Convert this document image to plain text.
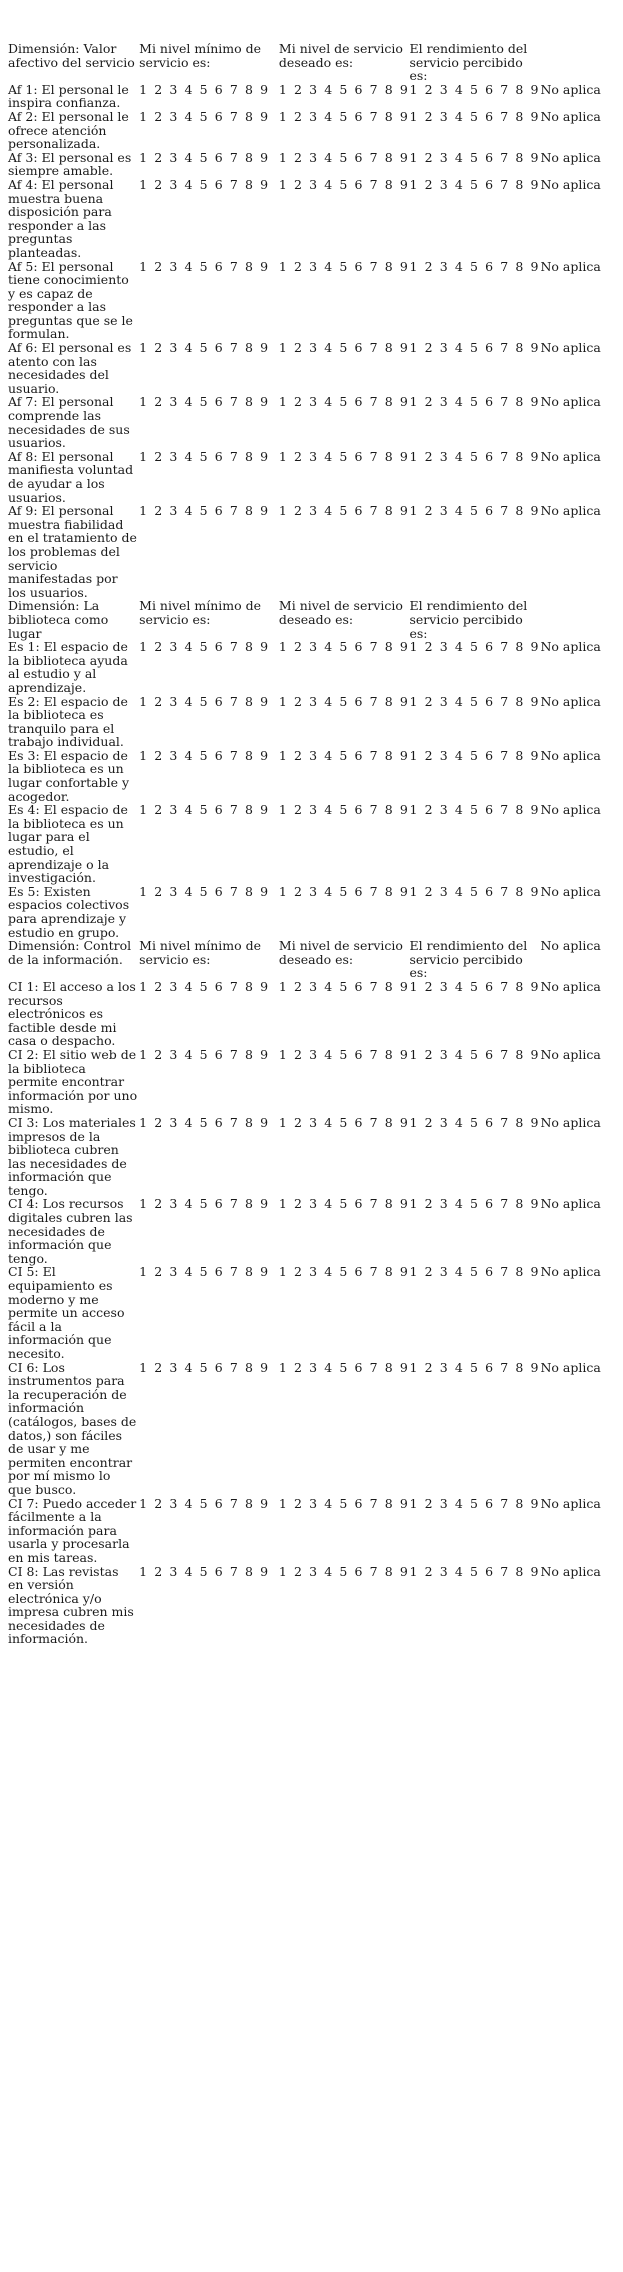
Dimensión: Valor afectivo del servicio	Mi nivel mínimo de servicio es:	Mi nivel de servicio deseado es:	El rendimiento del servicio percibido es:	
Af 1: El personal le inspira confianza.	1 2 3 4 5 6 7 8 9	1 2 3 4 5 6 7 8 9	1 2 3 4 5 6 7 8 9	No aplica
Af 2: El personal le ofrece atención personalizada.	1 2 3 4 5 6 7 8 9	1 2 3 4 5 6 7 8 9	1 2 3 4 5 6 7 8 9	No aplica
Af 3: El personal es siempre amable.	1 2 3 4 5 6 7 8 9	1 2 3 4 5 6 7 8 9	1 2 3 4 5 6 7 8 9	No aplica
Af 4: El personal muestra buena disposición para responder a las preguntas planteadas.	1 2 3 4 5 6 7 8 9	1 2 3 4 5 6 7 8 9	1 2 3 4 5 6 7 8 9	No aplica
Af 5: El personal tiene conocimiento y es capaz de responder a las preguntas que se le formulan.	1 2 3 4 5 6 7 8 9	1 2 3 4 5 6 7 8 9	1 2 3 4 5 6 7 8 9	No aplica
Af 6: El personal es atento con las necesidades del usuario.	1 2 3 4 5 6 7 8 9	1 2 3 4 5 6 7 8 9	1 2 3 4 5 6 7 8 9	No aplica
Af 7: El personal comprende las necesidades de sus usuarios.	1 2 3 4 5 6 7 8 9	1 2 3 4 5 6 7 8 9	1 2 3 4 5 6 7 8 9	No aplica
Af 8: El personal manifiesta voluntad de ayudar a los usuarios.	1 2 3 4 5 6 7 8 9	1 2 3 4 5 6 7 8 9	1 2 3 4 5 6 7 8 9	No aplica
Af 9: El personal muestra fiabilidad en el tratamiento de los problemas del servicio manifestadas por los usuarios.	1 2 3 4 5 6 7 8 9	1 2 3 4 5 6 7 8 9	1 2 3 4 5 6 7 8 9	No aplica
Dimensión: La biblioteca como lugar	Mi nivel mínimo de servicio es:	Mi nivel de servicio deseado es:	El rendimiento del servicio percibido es:	
Es 1: El espacio de la biblioteca ayuda al estudio y al aprendizaje.	1 2 3 4 5 6 7 8 9	1 2 3 4 5 6 7 8 9	1 2 3 4 5 6 7 8 9	No aplica
Es 2: El espacio de la biblioteca es tranquilo para el trabajo individual.	1 2 3 4 5 6 7 8 9	1 2 3 4 5 6 7 8 9	1 2 3 4 5 6 7 8 9	No aplica
Es 3: El espacio de la biblioteca es un lugar confortable y acogedor.	1 2 3 4 5 6 7 8 9	1 2 3 4 5 6 7 8 9	1 2 3 4 5 6 7 8 9	No aplica
Es 4: El espacio de la biblioteca es un lugar para el estudio, el aprendizaje o la investigación.	1 2 3 4 5 6 7 8 9	1 2 3 4 5 6 7 8 9	1 2 3 4 5 6 7 8 9	No aplica
Es 5: Existen espacios colectivos para aprendizaje y estudio en grupo.	1 2 3 4 5 6 7 8 9	1 2 3 4 5 6 7 8 9	1 2 3 4 5 6 7 8 9	No aplica
Dimensión: Control de la información.	Mi nivel mínimo de servicio es:	Mi nivel de servicio deseado es:	El rendimiento del servicio percibido es:	No aplica
CI 1: El acceso a los recursos electrónicos es factible desde mi casa o despacho.	1 2 3 4 5 6 7 8 9	1 2 3 4 5 6 7 8 9	1 2 3 4 5 6 7 8 9	No aplica
CI 2: El sitio web de la biblioteca permite encontrar información por uno mismo.	1 2 3 4 5 6 7 8 9	1 2 3 4 5 6 7 8 9	1 2 3 4 5 6 7 8 9	No aplica
CI 3: Los materiales impresos de la biblioteca cubren las necesidades de información que tengo.	1 2 3 4 5 6 7 8 9	1 2 3 4 5 6 7 8 9	1 2 3 4 5 6 7 8 9	No aplica
CI 4: Los recursos digitales cubren las necesidades de información que tengo.	1 2 3 4 5 6 7 8 9	1 2 3 4 5 6 7 8 9	1 2 3 4 5 6 7 8 9	No aplica
CI 5: El equipamiento es moderno y me permite un acceso fácil a la información que necesito.	1 2 3 4 5 6 7 8 9	1 2 3 4 5 6 7 8 9	1 2 3 4 5 6 7 8 9	No aplica
CI 6: Los instrumentos para la recuperación de información (catálogos, bases de datos,) son fáciles de usar y me permiten encontrar por mí mismo lo que busco.	1 2 3 4 5 6 7 8 9	1 2 3 4 5 6 7 8 9	1 2 3 4 5 6 7 8 9	No aplica
CI 7: Puedo acceder fácilmente a la información para usarla y procesarla en mis tareas.	1 2 3 4 5 6 7 8 9	1 2 3 4 5 6 7 8 9	1 2 3 4 5 6 7 8 9	No aplica
CI 8: Las revistas en versión electrónica y/o impresa cubren mis necesidades de información.	1 2 3 4 5 6 7 8 9	1 2 3 4 5 6 7 8 9	1 2 3 4 5 6 7 8 9	No aplica
